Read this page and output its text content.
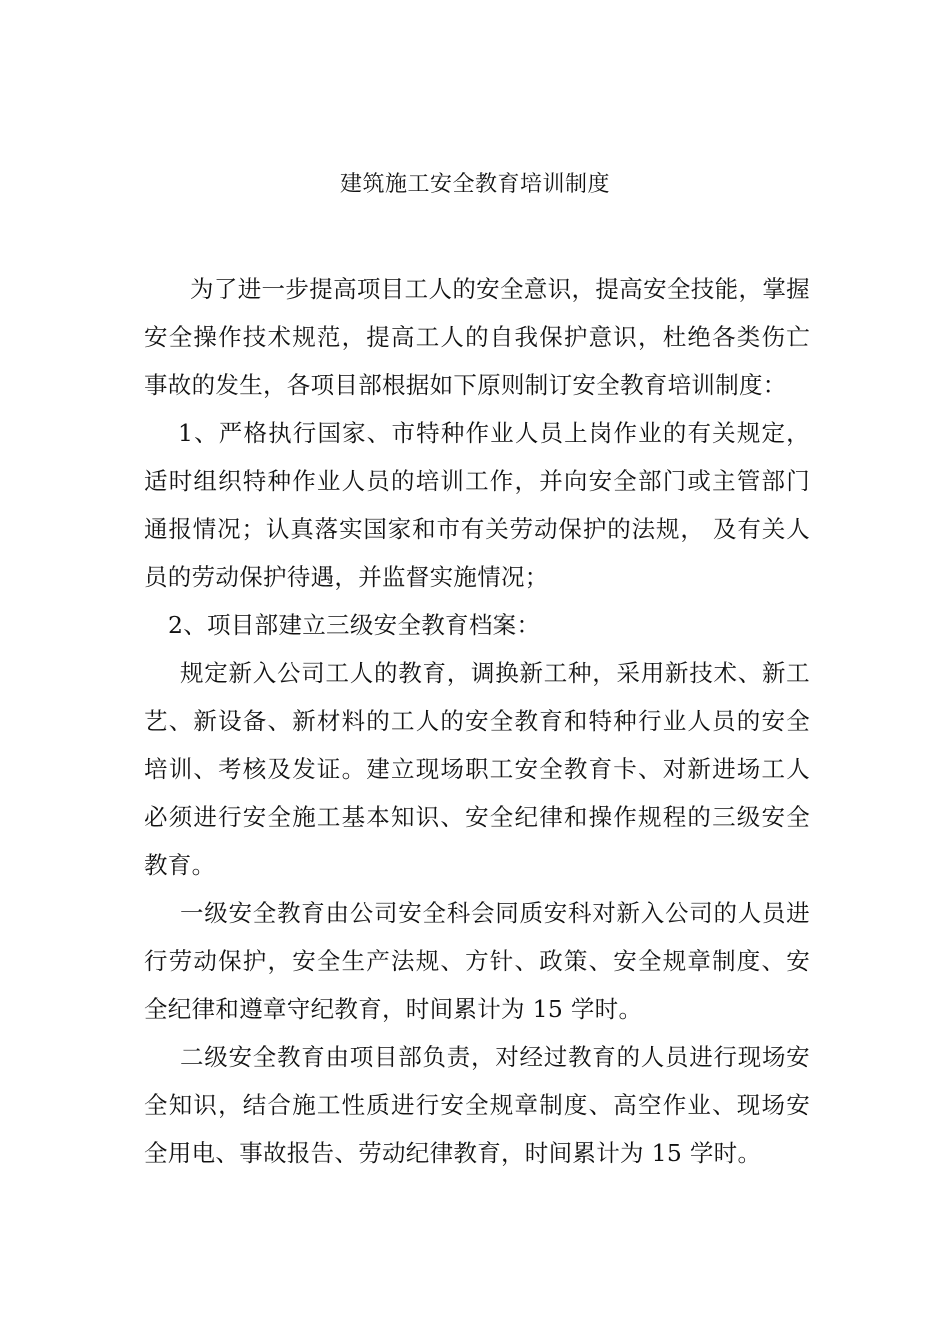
建筑施工安全教育培训制度

为了进一步提高项目工人的安全意识，提高安全技能，掌握安全操作技术规范，提高工人的自我保护意识，杜绝各类伤亡事故的发生，各项目部根据如下原则制订安全教育培训制度：

1、严格执行国家、市特种作业人员上岗作业的有关规定，适时组织特种作业人员的培训工作，并向安全部门或主管部门通报情况；认真落实国家和市有关劳动保护的法规， 及有关人员的劳动保护待遇，并监督实施情况；

2、项目部建立三级安全教育档案：

规定新入公司工人的教育，调换新工种，采用新技术、新工艺、新设备、新材料的工人的安全教育和特种行业人员的安全培训、考核及发证。建立现场职工安全教育卡、对新进场工人必须进行安全施工基本知识、安全纪律和操作规程的三级安全教育。

一级安全教育由公司安全科会同质安科对新入公司的人员进行劳动保护，安全生产法规、方针、政策、安全规章制度、安全纪律和遵章守纪教育，时间累计为 15 学时。

二级安全教育由项目部负责，对经过教育的人员进行现场安全知识，结合施工性质进行安全规章制度、高空作业、现场安全用电、事故报告、劳动纪律教育，时间累计为 15 学时。
